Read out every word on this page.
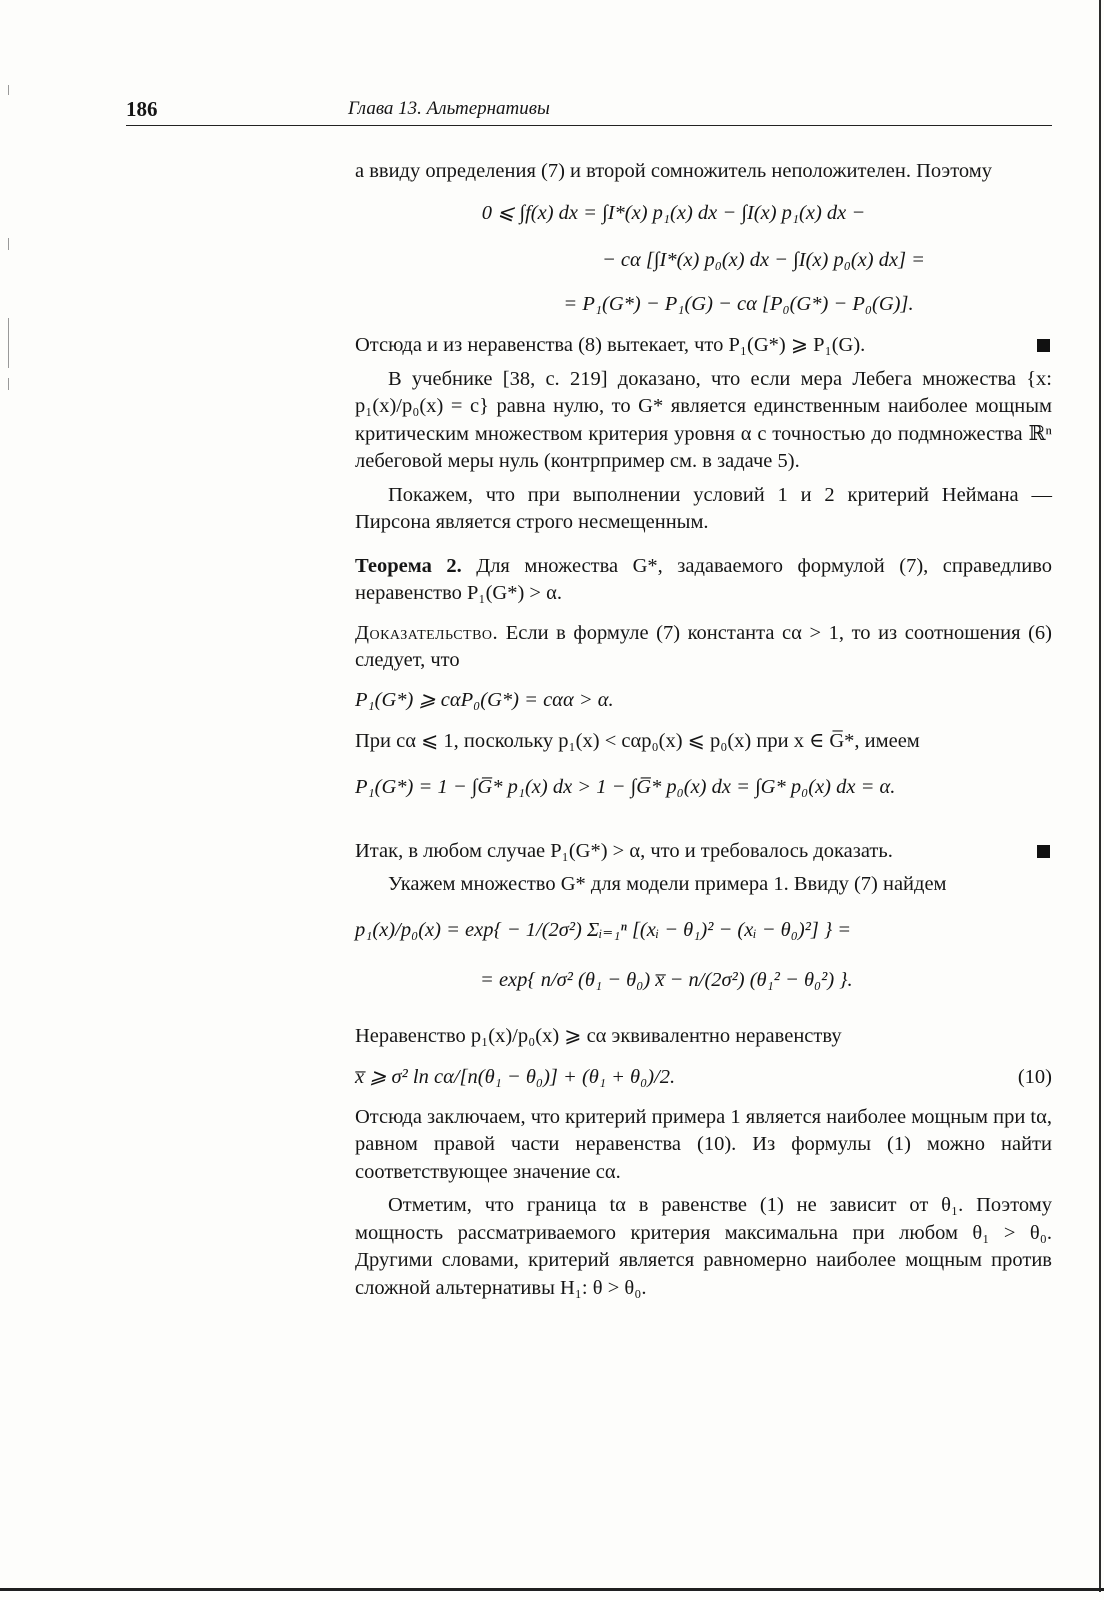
186	Глава 13. Альтернативы

а ввиду определения (7) и второй сомножитель неположителен. Поэтому

0 ⩽ ∫f(x) dx = ∫I*(x) p₁(x) dx − ∫I(x) p₁(x) dx −
− cα [∫I*(x) p₀(x) dx − ∫I(x) p₀(x) dx] =
= P₁(G*) − P₁(G) − cα [P₀(G*) − P₀(G)].

Отсюда и из неравенства (8) вытекает, что P₁(G*) ⩾ P₁(G).

В учебнике [38, с. 219] доказано, что если мера Лебега множества {x: p₁(x)/p₀(x) = c} равна нулю, то G* является единственным наиболее мощным критическим множеством критерия уровня α с точностью до подмножества ℝⁿ лебеговой меры нуль (контрпример см. в задаче 5).

Покажем, что при выполнении условий 1 и 2 критерий Неймана — Пирсона является строго несмещенным.

Теорема 2. Для множества G*, задаваемого формулой (7), справедливо неравенство P₁(G*) > α.

Доказательство. Если в формуле (7) константа cα > 1, то из соотношения (6) следует, что

P₁(G*) ⩾ cαP₀(G*) = cαα > α.

При cα ⩽ 1, поскольку p₁(x) < cαp₀(x) ⩽ p₀(x) при x ∈ G̅*, имеем

P₁(G*) = 1 − ∫G̅* p₁(x) dx > 1 − ∫G̅* p₀(x) dx = ∫G* p₀(x) dx = α.

Итак, в любом случае P₁(G*) > α, что и требовалось доказать.

Укажем множество G* для модели примера 1. Ввиду (7) найдем

p₁(x)/p₀(x) = exp{ − 1/(2σ²) Σᵢ₌₁ⁿ [(xᵢ − θ₁)² − (xᵢ − θ₀)²] } =
= exp{ n/σ² (θ₁ − θ₀) x̅ − n/(2σ²) (θ₁² − θ₀²) }.

Неравенство p₁(x)/p₀(x) ⩾ cα эквивалентно неравенству

x̅ ⩾ σ² ln cα/[n(θ₁ − θ₀)] + (θ₁ + θ₀)/2.	(10)

Отсюда заключаем, что критерий примера 1 является наиболее мощным при tα, равном правой части неравенства (10). Из формулы (1) можно найти соответствующее значение cα.

Отметим, что граница tα в равенстве (1) не зависит от θ₁. Поэтому мощность рассматриваемого критерия максимальна при любом θ₁ > θ₀. Другими словами, критерий является равномерно наиболее мощным против сложной альтернативы H₁: θ > θ₀.
